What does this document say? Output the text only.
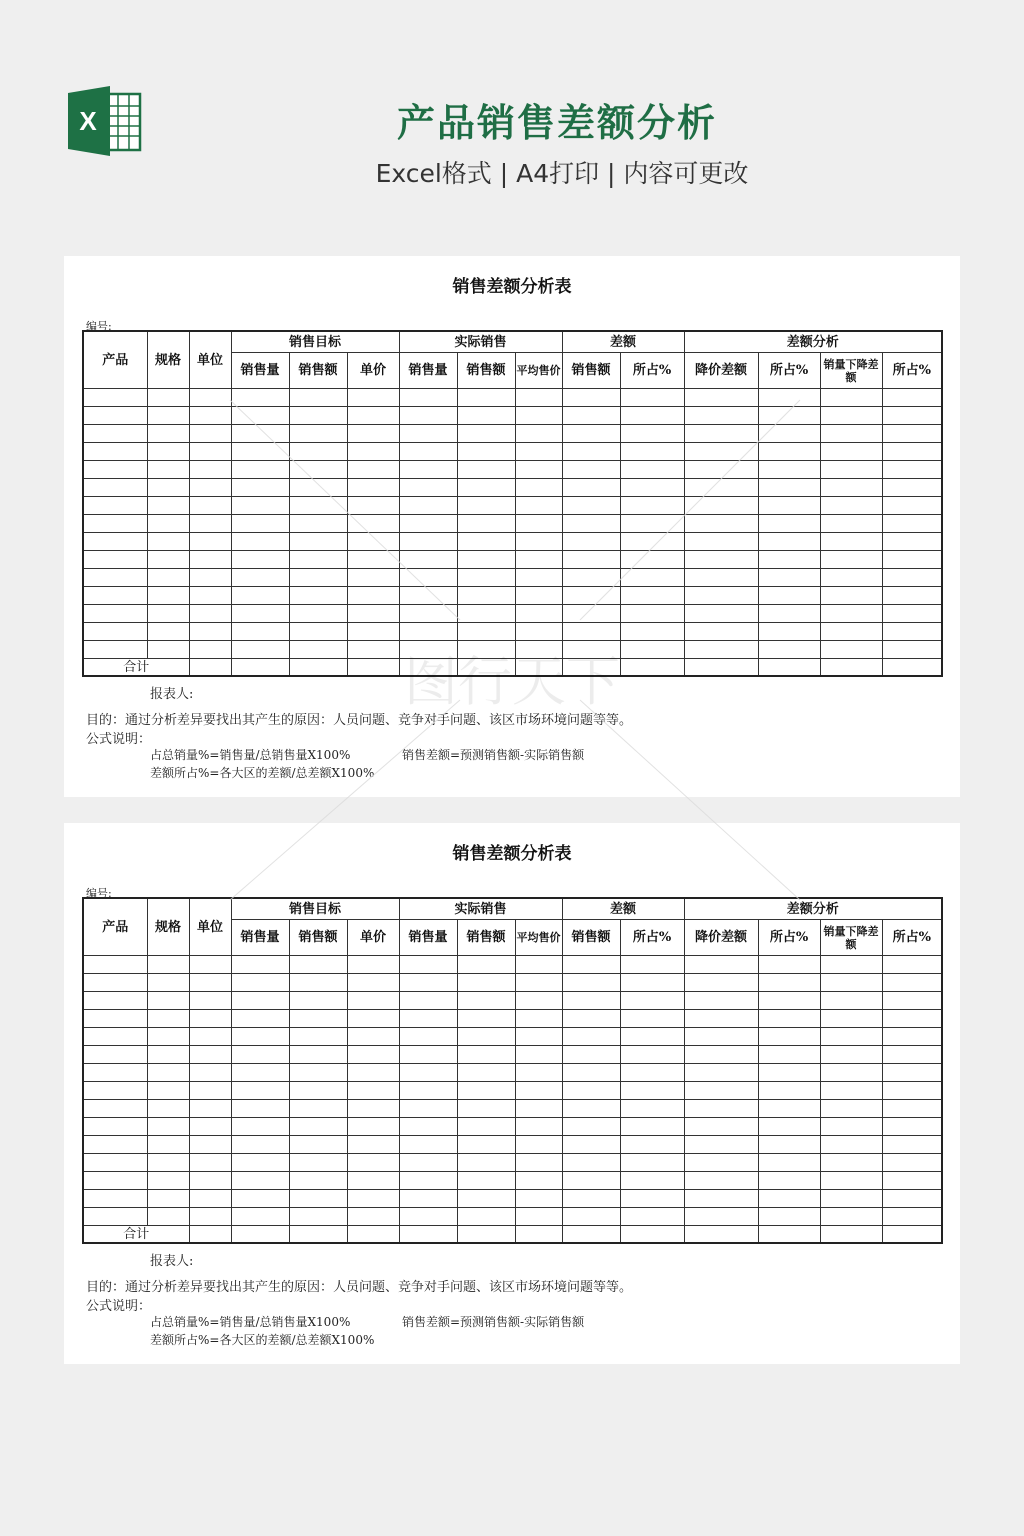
X	产品销售差额分析
Excel格式 | A4打印 | 内容可更改
销售差额分析表
编号:
产品	规格	单位	销售目标			实际销售			差额		差额分析			
			销售量	销售额	单价	销售量	销售额	平均售价	销售额	所占%	降价差额	所占%	销量下降差额	所占%

合计														
报表人:
目的：通过分析差异要找出其产生的原因：人员问题、竞争对手问题、该区市场环境问题等等。
公式说明：
占总销量%=销售量/总销售量X100%	销售差额=预测销售额-实际销售额
差额所占%=各大区的差额/总差额X100%
销售差额分析表
编号:
产品	规格	单位	销售目标			实际销售			差额		差额分析			
			销售量	销售额	单价	销售量	销售额	平均售价	销售额	所占%	降价差额	所占%	销量下降差额	所占%

合计														
报表人:
目的：通过分析差异要找出其产生的原因：人员问题、竞争对手问题、该区市场环境问题等等。
公式说明：
占总销量%=销售量/总销售量X100%	销售差额=预测销售额-实际销售额
差额所占%=各大区的差额/总差额X100%
